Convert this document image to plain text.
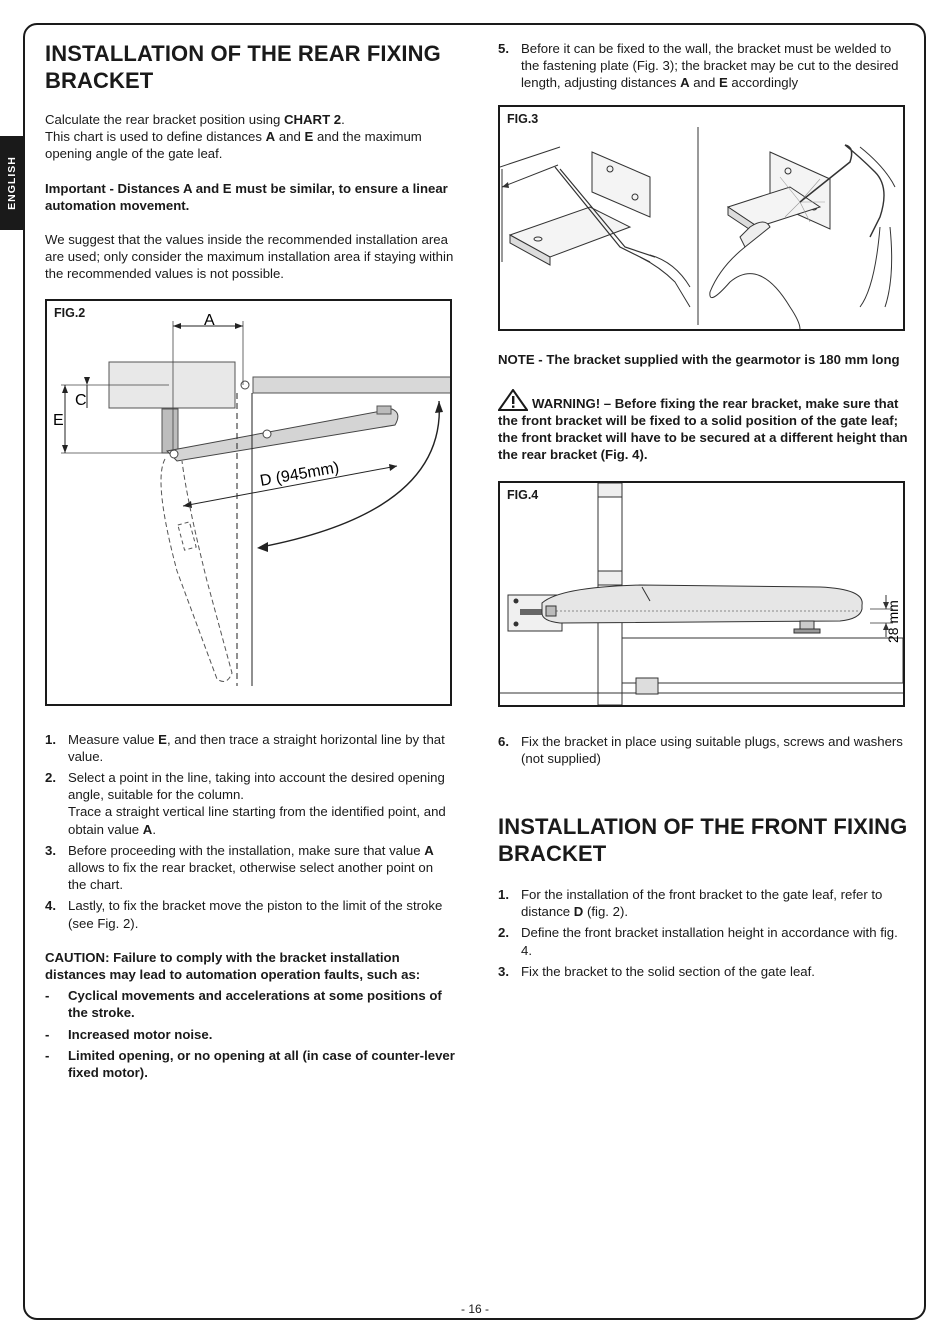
ENGLISH
INSTALLATION OF THE REAR FIXING
BRACKET

Calculate the rear bracket position using CHART 2.
This chart is used to define distances A and E and the maximum opening angle of the gate leaf.

Important - Distances A and E must be similar, to ensure a linear automation movement.

We suggest that the values inside the recommended installation area are used; only consider the maximum installation area if staying within the recommended values is not possible.

FIG.2	A
C
E
D (945mm)
1. Measure value E, and then trace a straight horizontal line by that value.
2. Select a point in the line, taking into account the desired opening angle, suitable for the column.
Trace a straight vertical line starting from the identified point, and obtain value A.
3. Before proceeding with the installation, make sure that value A allows to fix the rear bracket, otherwise select another point on the chart.
4. Lastly, to fix the bracket move the piston to the limit of the stroke (see Fig. 2).

CAUTION: Failure to comply with the bracket installation distances may lead to automation operation faults, such as:

- Cyclical movements and accelerations at some positions of the stroke.
- Increased motor noise.
- Limited opening, or no opening at all (in case of counter-lever fixed motor).
5. Before it can be fixed to the wall, the bracket must be welded to the fastening plate (Fig. 3); the bracket may be cut to the desired length, adjusting distances A and E accordingly
FIG.3

NOTE - The bracket supplied with the gearmotor is 180 mm long

WARNING! – Before fixing the rear bracket, make sure that the front bracket will be fixed to a solid position of the gate leaf; the front bracket will have to be secured at a different height than the rear bracket (Fig. 4).

FIG.4
28 mm
6. Fix the bracket in place using suitable plugs, screws and washers (not supplied)
INSTALLATION OF THE FRONT FIXING
BRACKET
1. For the installation of the front bracket to the gate leaf, refer to distance D (fig. 2).
2. Define the front bracket installation height in accordance with fig. 4.
3. Fix the bracket to the solid section of the gate leaf.
- 16 -
